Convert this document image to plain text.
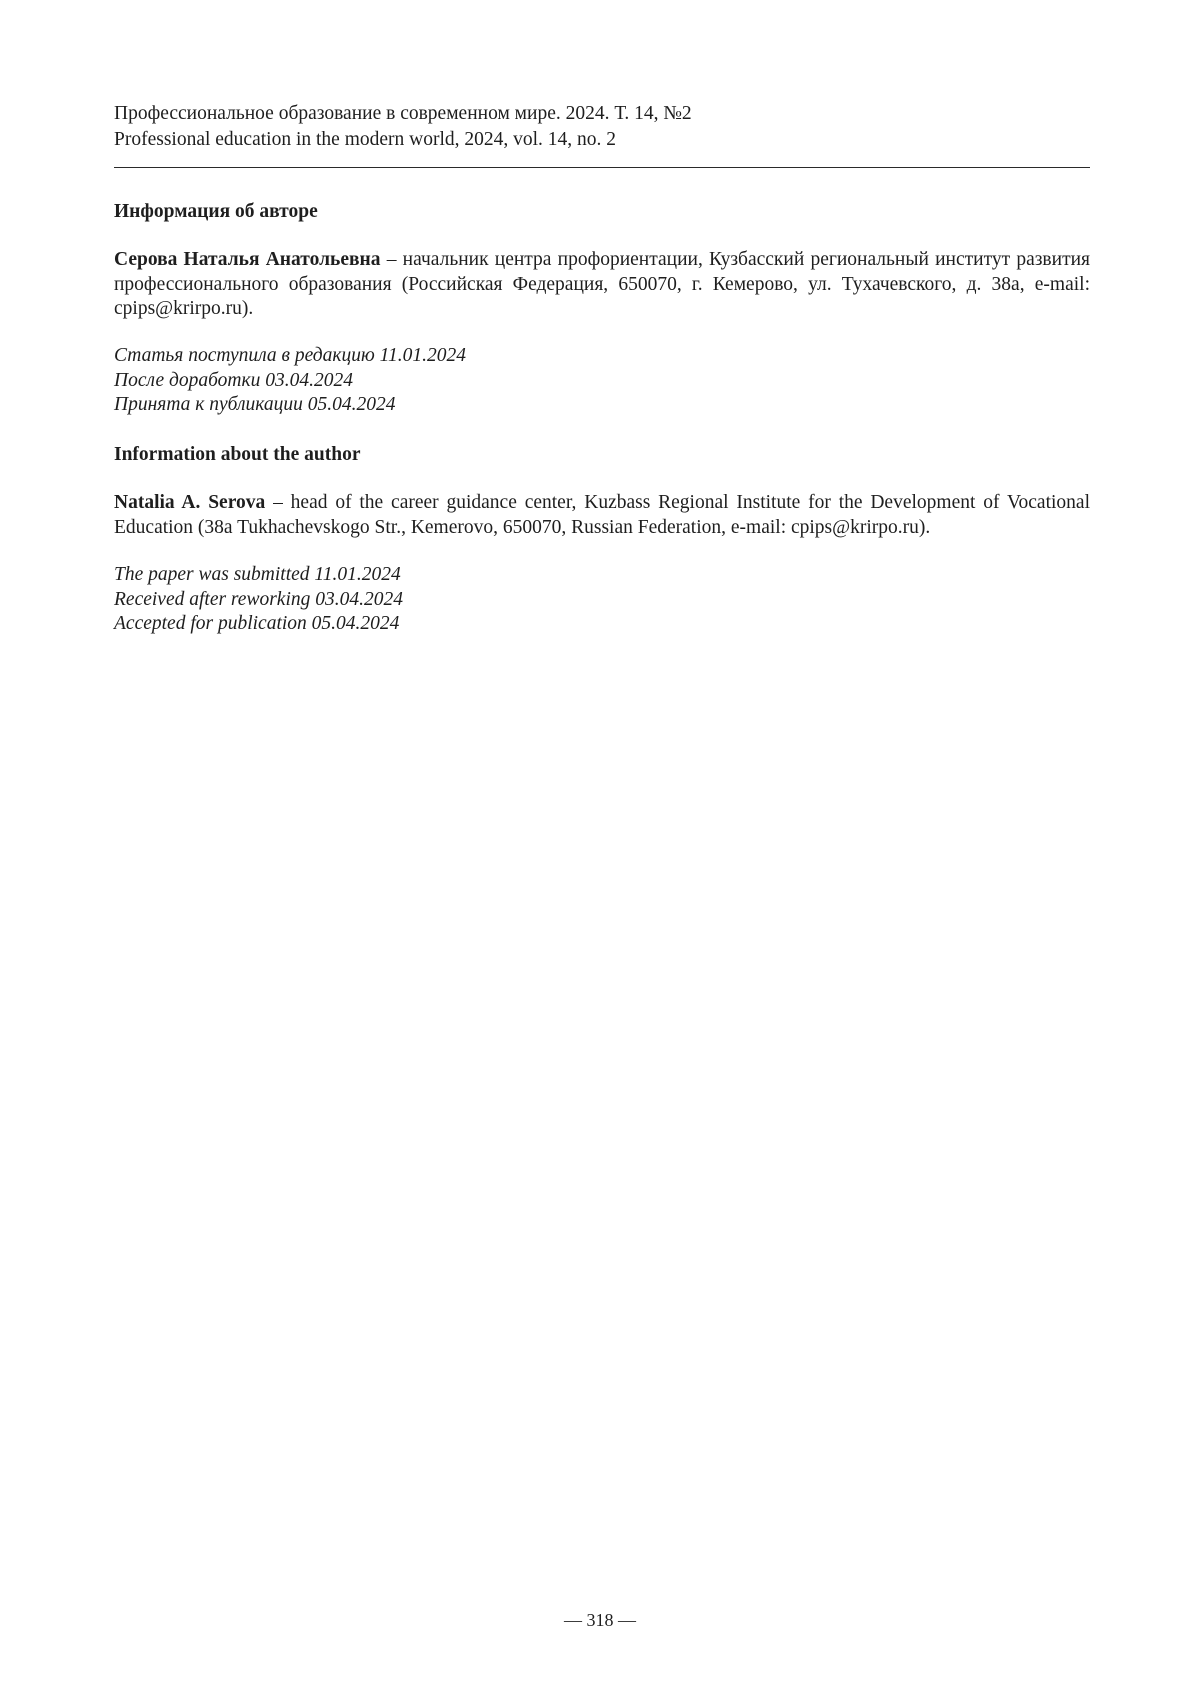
Профессиональное образование в современном мире. 2024. Т. 14, №2

Professional education in the modern world, 2024, vol. 14, no. 2

Информация об авторе

Серова Наталья Анатольевна – начальник центра профориентации, Кузбасский региональный институт развития профессионального образования (Российская Федерация, 650070, г. Кемерово, ул. Тухачевского, д. 38а, e-mail: cpips@krirpo.ru).

Статья поступила в редакцию 11.01.2024
После доработки 03.04.2024
Принята к публикации 05.04.2024

Information about the author

Natalia A. Serova – head of the career guidance center, Kuzbass Regional Institute for the Development of Vocational Education (38a Tukhachevskogo Str., Kemerovo, 650070, Russian Federation, e-mail: cpips@krirpo.ru).

The paper was submitted 11.01.2024
Received after reworking 03.04.2024
Accepted for publication 05.04.2024
— 318 —
